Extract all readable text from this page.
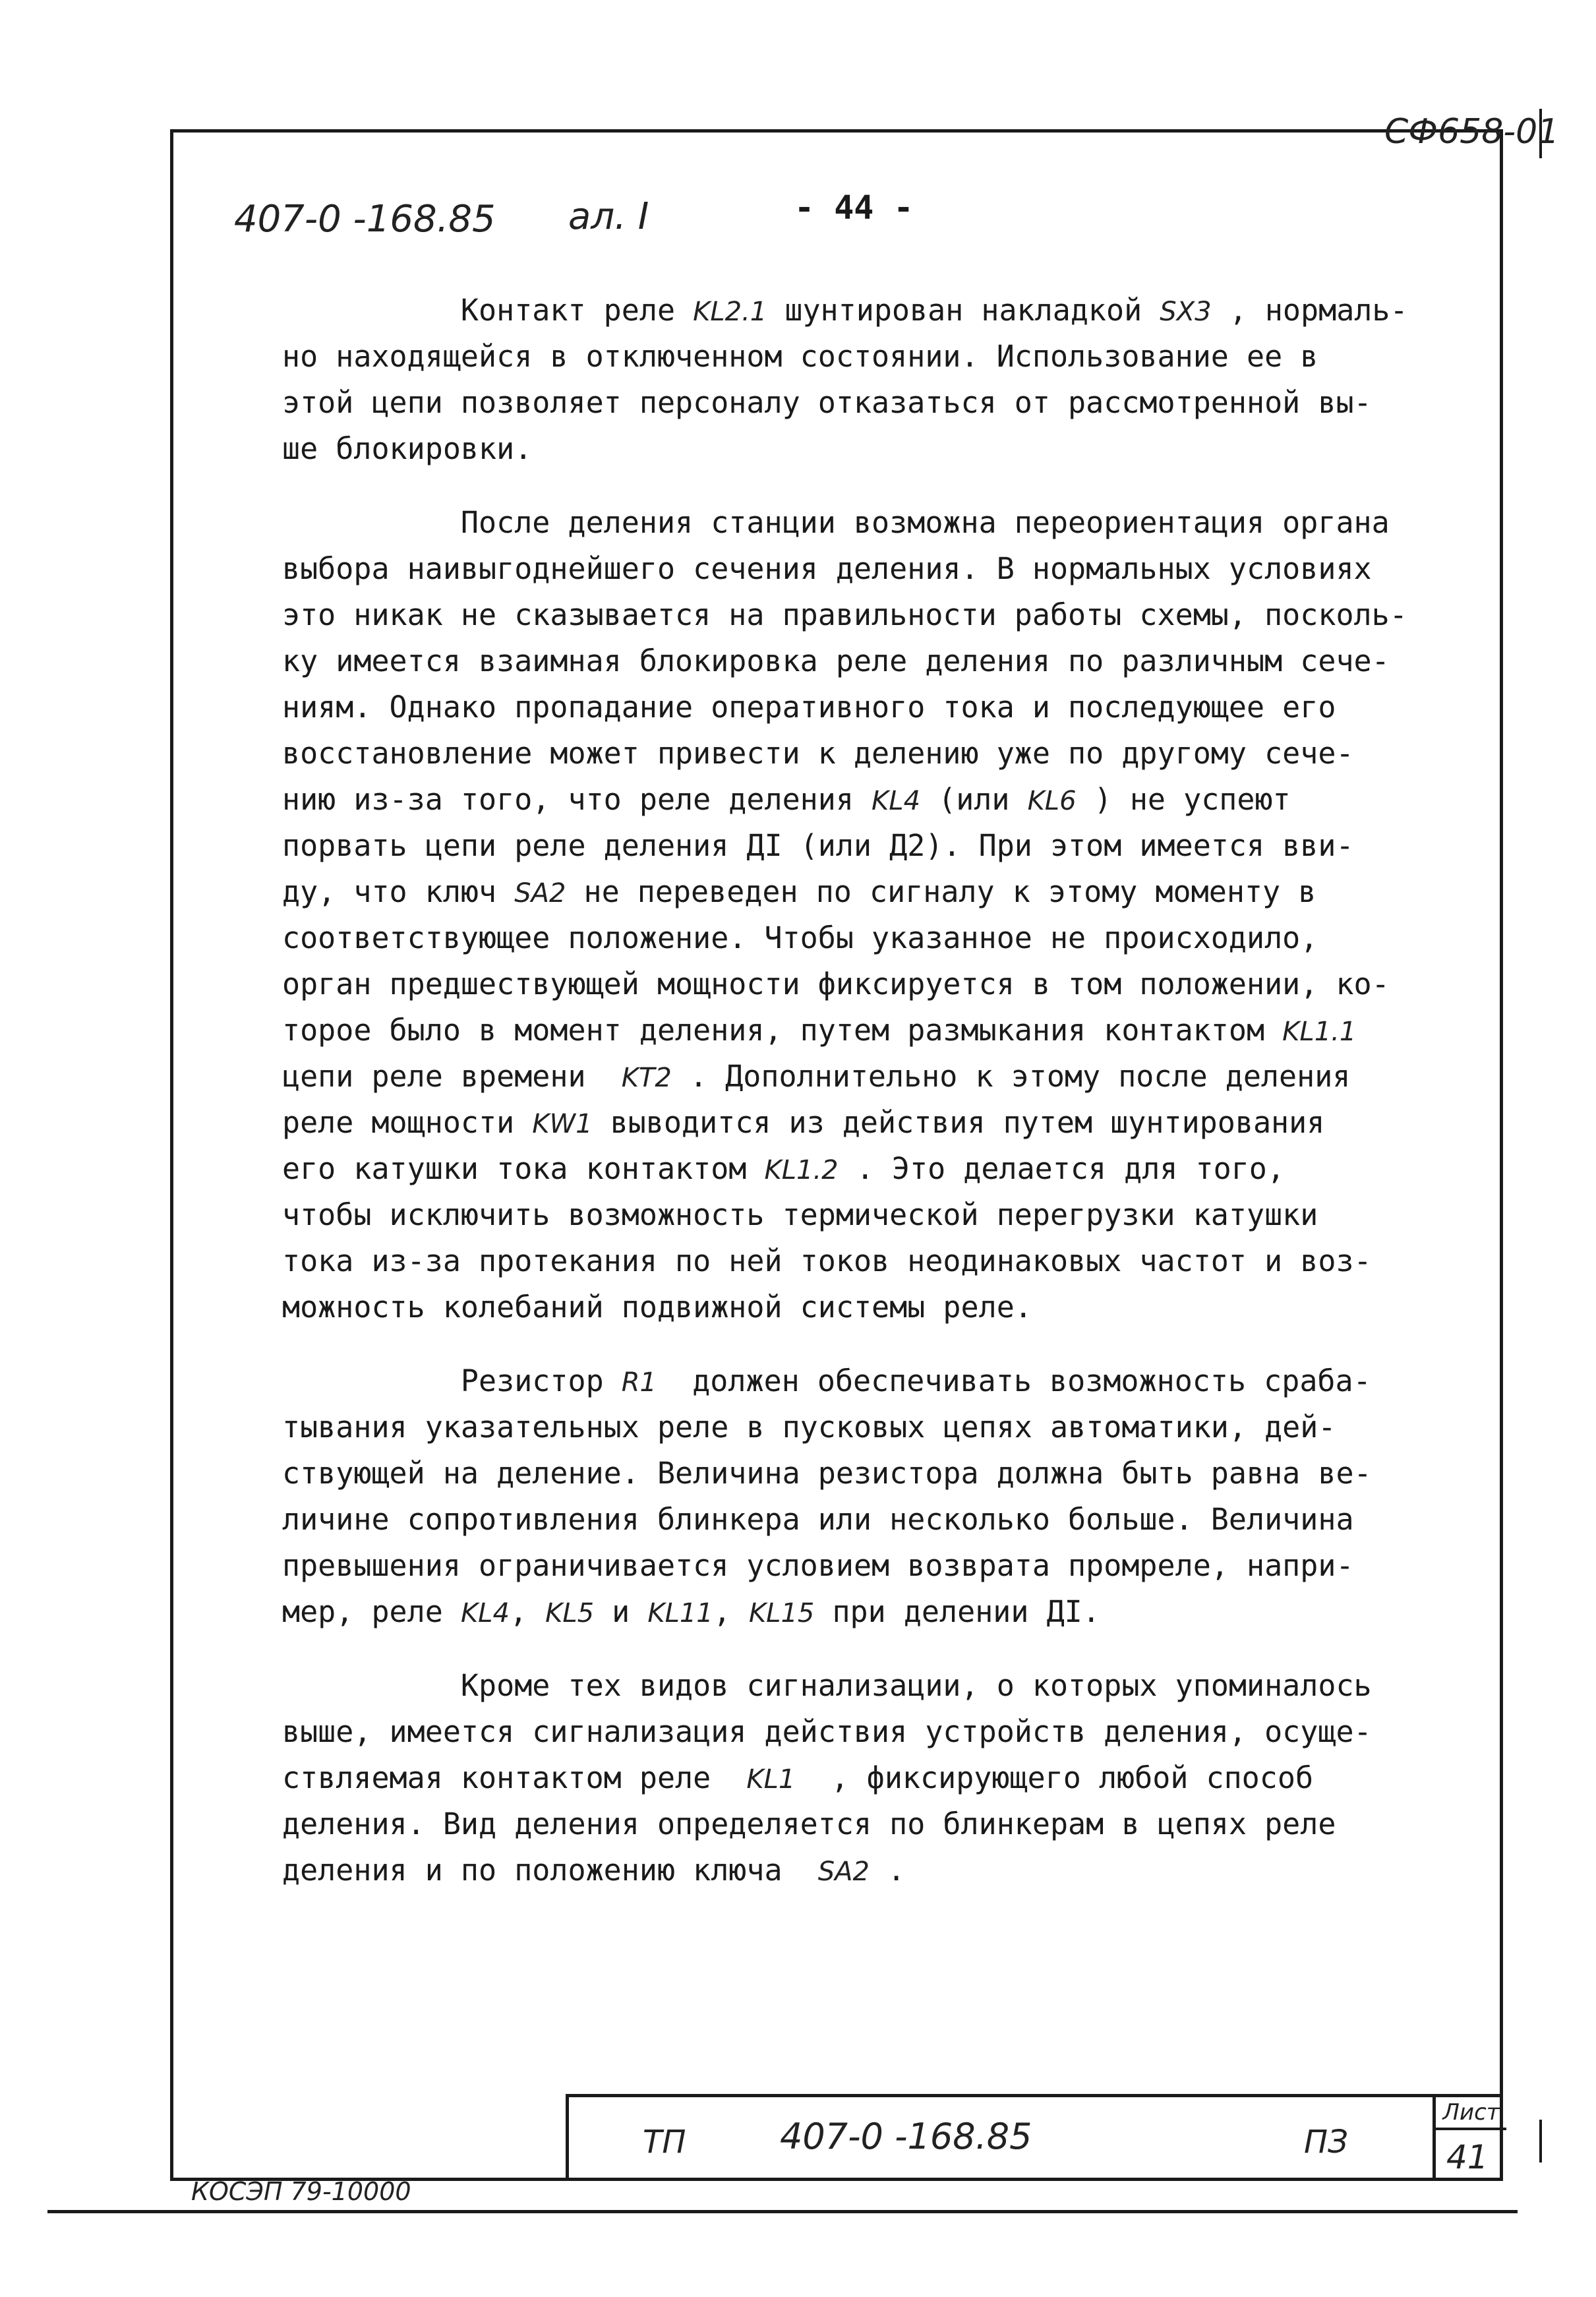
СФ658-01
407-0 -168.85 ал. I	- 44 -
Контакт реле KL2.1 шунтирован накладкой SX3 , нормаль-
но находящейся в отключенном состоянии. Использование ее в
этой цепи позволяет персоналу отказаться от рассмотренной вы-
ше блокировки.
После деления станции возможна переориентация органа
выбора наивыгоднейшего сечения деления. В нормальных условиях
это никак не сказывается на правильности работы схемы, посколь-
ку имеется взаимная блокировка реле деления по различным сече-
ниям. Однако пропадание оперативного тока и последующее его
восстановление может привести к делению уже по другому сече-
нию из-за того, что реле деления KL4 (или KL6 ) не успеют
порвать цепи реле деления ДI (или Д2). При этом имеется вви-
ду, что ключ SA2 не переведен по сигналу к этому моменту в
соответствующее положение. Чтобы указанное не происходило,
орган предшествующей мощности фиксируется в том положении, ко-
торое было в момент деления, путем размыкания контактом KL1.1
цепи реле времени  KT2 . Дополнительно к этому после деления
реле мощности KW1 выводится из действия путем шунтирования
его катушки тока контактом KL1.2 . Это делается для того,
чтобы исключить возможность термической перегрузки катушки
тока из-за протекания по ней токов неодинаковых частот и воз-
можность колебаний подвижной системы реле.
Резистор R1  должен обеспечивать возможность сраба-
тывания указательных реле в пусковых цепях автоматики, дей-
ствующей на деление. Величина резистора должна быть равна ве-
личине сопротивления блинкера или несколько больше. Величина
превышения ограничивается условием возврата промреле, напри-
мер, реле KL4, KL5 и KL11, KL15 при делении ДI.
Кроме тех видов сигнализации, о которых упоминалось
выше, имеется сигнализация действия устройств деления, осуще-
ствляемая контактом реле  KL1  , фиксирующего любой способ
деления. Вид деления определяется по блинкерам в цепях реле
деления и по положению ключа  SA2 .
ТП	407-0 -168.85	ПЗ
Лист
41
КОСЭП 79-10000
